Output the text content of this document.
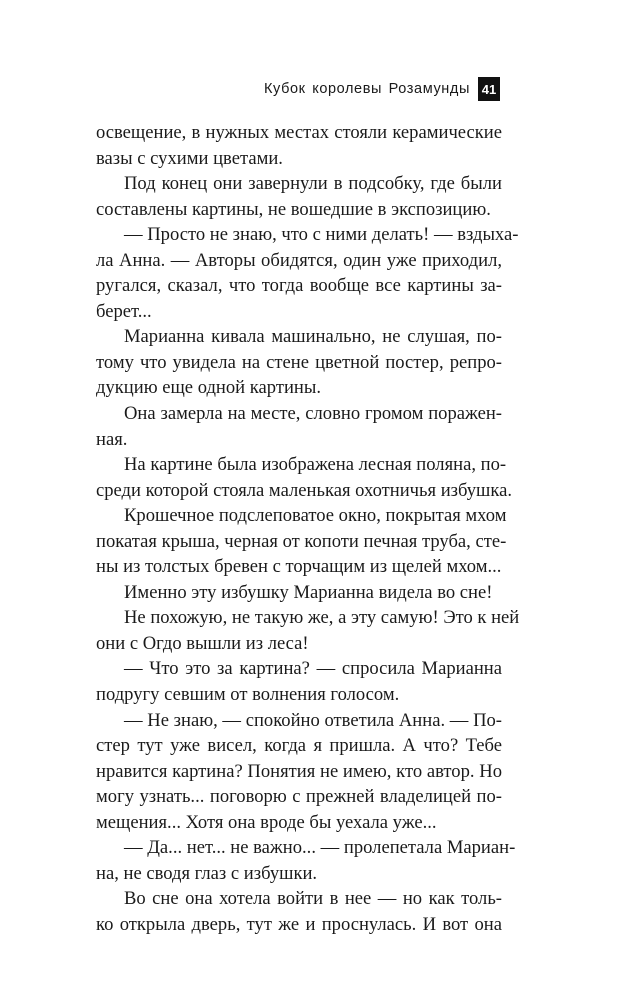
Кубок королевы Розамунды 41
освещение, в нужных местах стояли керамические
вазы с сухими цветами.
Под конец они завернули в подсобку, где были
составлены картины, не вошедшие в экспозицию.
— Просто не знаю, что с ними делать! — вздыха-
ла Анна. — Авторы обидятся, один уже приходил,
ругался, сказал, что тогда вообще все картины за-
берет...
Марианна кивала машинально, не слушая, по-
тому что увидела на стене цветной постер, репро-
дукцию еще одной картины.
Она замерла на месте, словно громом поражен-
ная.
На картине была изображена лесная поляна, по-
среди которой стояла маленькая охотничья избушка.
Крошечное подслеповатое окно, покрытая мхом
покатая крыша, черная от копоти печная труба, сте-
ны из толстых бревен с торчащим из щелей мхом...
Именно эту избушку Марианна видела во сне!
Не похожую, не такую же, а эту самую! Это к ней
они с Огдо вышли из леса!
— Что это за картина? — спросила Марианна
подругу севшим от волнения голосом.
— Не знаю, — спокойно ответила Анна. — По-
стер тут уже висел, когда я пришла. А что? Тебе
нравится картина? Понятия не имею, кто автор. Но
могу узнать... поговорю с прежней владелицей по-
мещения... Хотя она вроде бы уехала уже...
— Да... нет... не важно... — пролепетала Мариан-
на, не сводя глаз с избушки.
Во сне она хотела войти в нее — но как толь-
ко открыла дверь, тут же и проснулась. И вот она
